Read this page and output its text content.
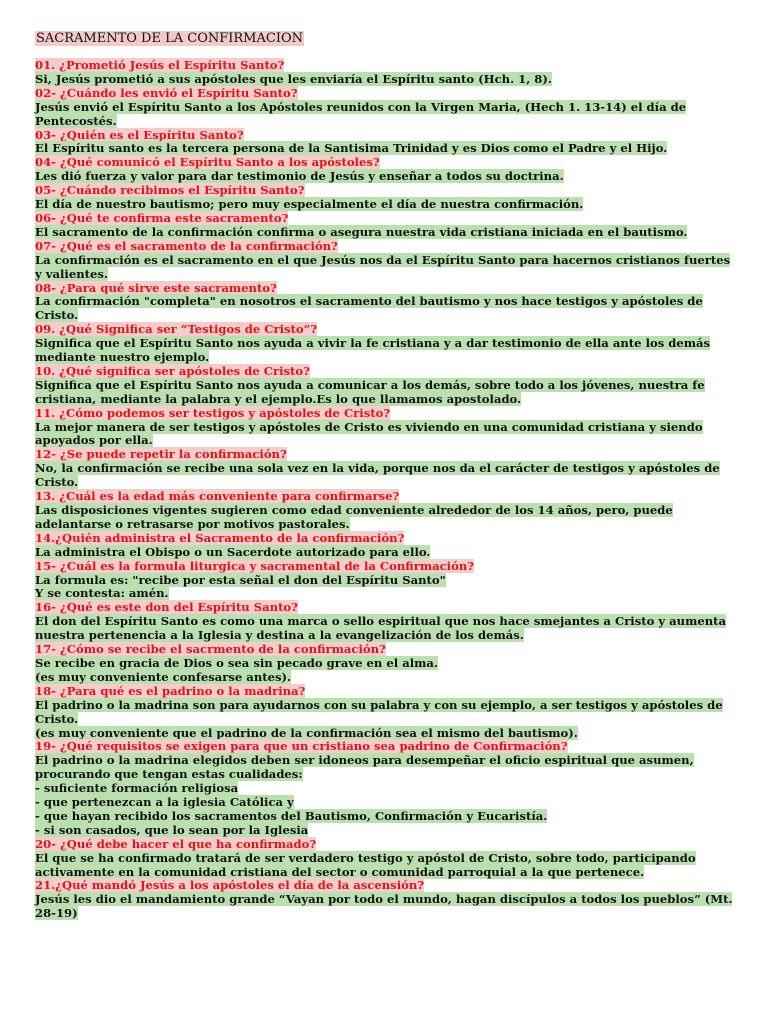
SACRAMENTO DE LA CONFIRMACION

01. ¿Prometió Jesús el Espíritu Santo?

Si, Jesús prometió a sus apóstoles que les enviaría el Espíritu santo (Hch. 1, 8).

02- ¿Cuándo les envió el Espíritu Santo?

Jesús envió el Espíritu Santo a los Apóstoles reunidos con la Virgen Maria, (Hech 1. 13-14) el día de Pentecostés.

03- ¿Quién es el Espíritu Santo?

El Espíritu santo es la tercera persona de la Santisima Trinidad y es Dios como el Padre y el Hijo.

04- ¿Qué comunicó el Espíritu Santo a los apóstoles?

Les dió fuerza y valor para dar testimonio de Jesús y enseñar a todos su doctrina.

05- ¿Cuándo recibimos el Espíritu Santo?

El día de nuestro bautismo; pero muy especialmente el día de nuestra confirmación.

06- ¿Qué te confirma este sacramento?

El sacramento de la confirmación confirma o asegura nuestra vida cristiana iniciada en el bautismo.

07- ¿Qué es el sacramento de la confirmación?

La confirmación es el sacramento en el que Jesús nos da el Espíritu Santo para hacernos cristianos fuertes y valientes.

08- ¿Para qué sirve este sacramento?

La confirmación "completa" en nosotros el sacramento del bautismo y nos hace testigos y apóstoles de Cristo.

09. ¿Qué Significa ser “Testigos de Cristo”?

Significa que el Espíritu Santo nos ayuda a vivir la fe cristiana y a dar testimonio de ella ante los demás mediante nuestro ejemplo.

10. ¿Qué significa ser apóstoles de Cristo?

Significa que el Espíritu Santo nos ayuda a comunicar a los demás, sobre todo a los jóvenes, nuestra fe cristiana, mediante la palabra y el ejemplo.Es lo que llamamos apostolado.

11. ¿Cómo podemos ser testigos y apóstoles de Cristo?

La mejor manera de ser testigos y apóstoles de Cristo es viviendo en una comunidad cristiana y siendo apoyados por ella.

12- ¿Se puede repetir la confirmación?

No, la confirmación se recibe una sola vez en la vida, porque nos da el carácter de testigos y apóstoles de Cristo.

13. ¿Cuál es la edad más conveniente para confirmarse?

Las disposiciones vigentes sugieren como edad conveniente alrededor de los 14 años, pero, puede adelantarse o retrasarse por motivos pastorales.

14.¿Quién administra el Sacramento de la confirmación?

La administra el Obispo o un Sacerdote autorizado para ello.

15- ¿Cuál es la formula liturgica y sacramental de la Confirmación?

La formula es: "recibe por esta señal el don del Espíritu Santo"

Y se contesta: amén.

16- ¿Qué es este don del Espíritu Santo?

El don del Espíritu Santo es como una marca o sello espiritual que nos hace smejantes a Cristo y aumenta nuestra pertenencia a la Iglesia y destina a la evangelización de los demás.

17- ¿Cómo se recibe el sacrmento de la confirmación?

Se recibe en gracia de Dios o sea sin pecado grave en el alma.

(es muy conveniente confesarse antes).

18- ¿Para qué es el padrino o la madrina?

El padrino o la madrina son para ayudarnos con su palabra y con su ejemplo, a ser testigos y apóstoles de Cristo.

(es muy conveniente que el padrino de la confirmación sea el mismo del bautismo).

19- ¿Qué requisitos se exigen para que un cristiano sea padrino de Confirmación?

El padrino o la madrina elegidos deben ser idoneos para desempeñar el oficio espiritual que asumen, procurando que tengan estas cualidades:

- suficiente formación religiosa

- que pertenezcan a la iglesia Católica y

- que hayan recibido los sacramentos del Bautismo, Confirmación y Eucaristía.

- si son casados, que lo sean por la Iglesia

20- ¿Qué debe hacer el que ha confirmado?

El que se ha confirmado tratará de ser verdadero testigo y apóstol de Cristo, sobre todo, participando activamente en la comunidad cristiana del sector o comunidad parroquial a la que pertenece.

21.¿Qué mandó Jesús a los apóstoles el día de la ascensión?

Jesús les dio el mandamiento grande “Vayan por todo el mundo, hagan discípulos a todos los pueblos” (Mt. 28-19)
